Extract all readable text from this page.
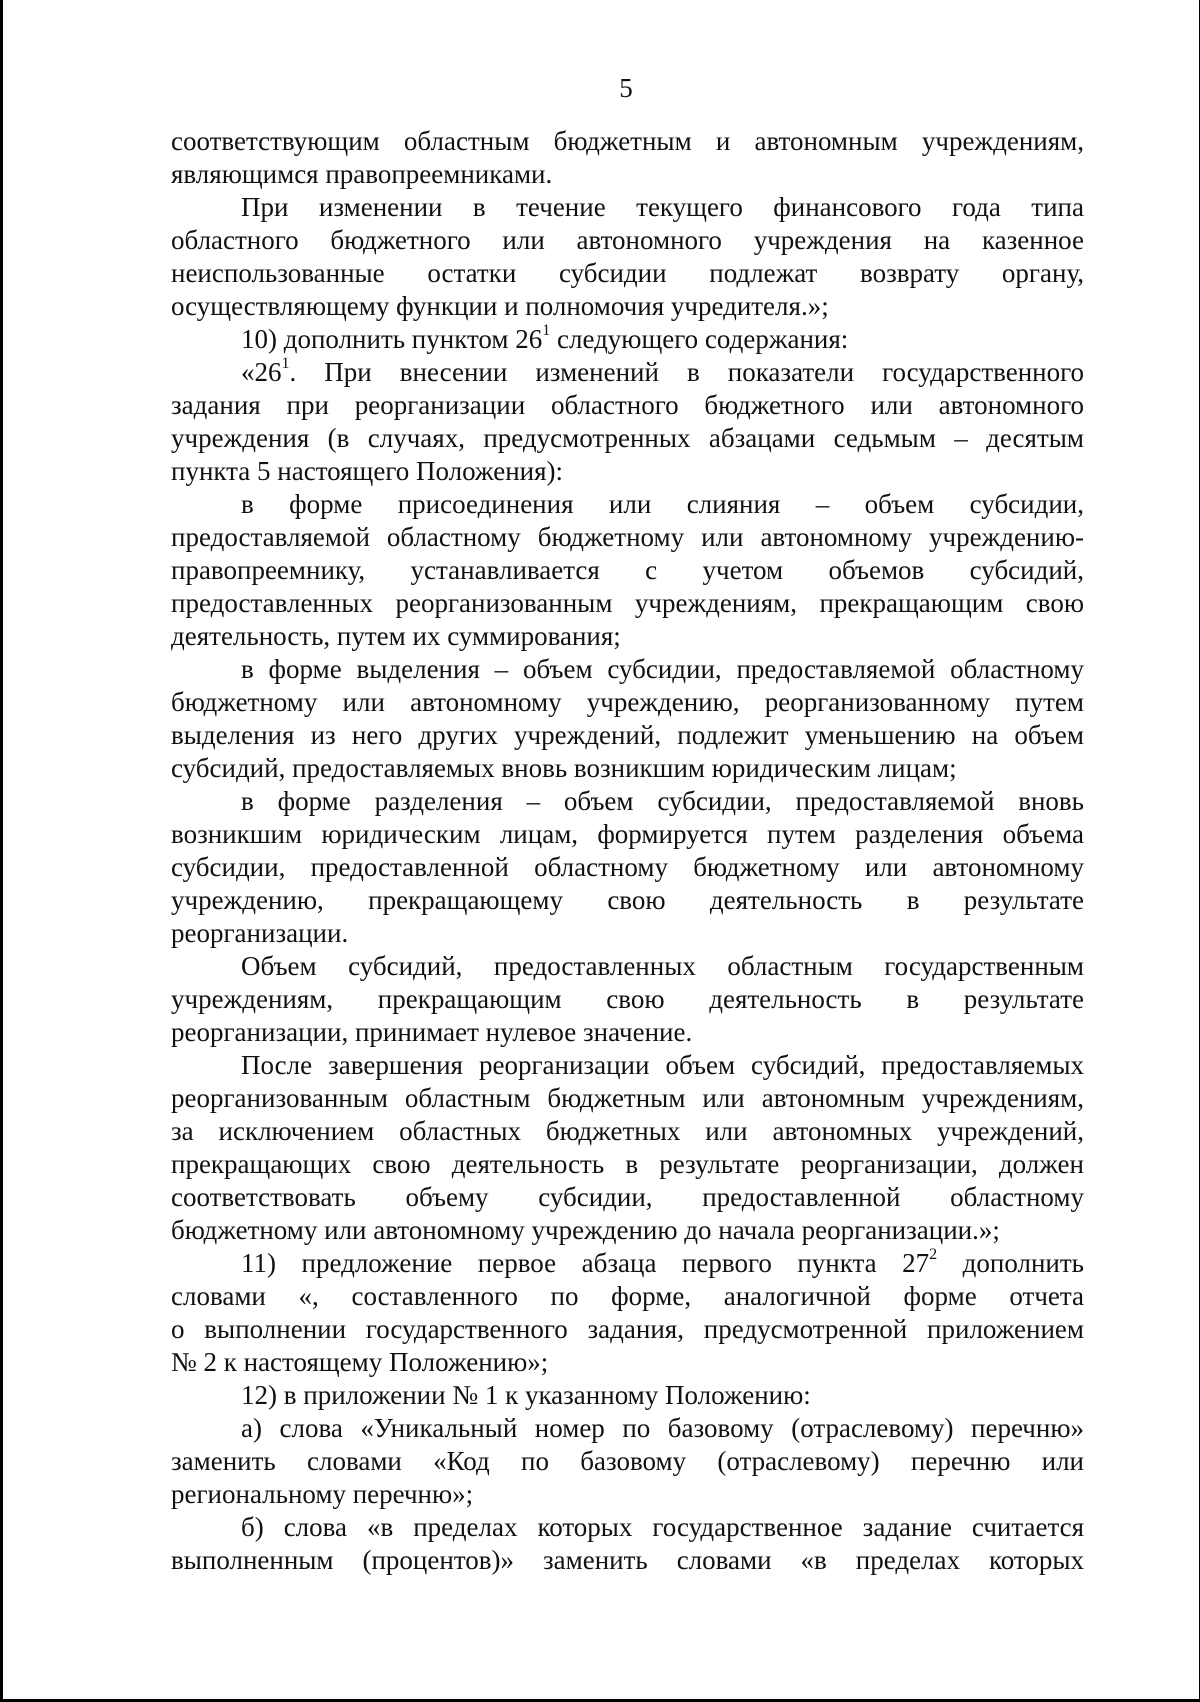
5
соответствующим областным бюджетным и автономным учреждениям,
являющимся правопреемниками.
При изменении в течение текущего финансового года типа
областного бюджетного или автономного учреждения на казенное
неиспользованные остатки субсидии подлежат возврату органу,
осуществляющему функции и полномочия учредителя.»;
10) дополнить пунктом $26^1$ следующего содержания:
«$26^1$. При внесении изменений в показатели государственного
задания при реорганизации областного бюджетного или автономного
учреждения (в случаях, предусмотренных абзацами седьмым – десятым
пункта 5 настоящего Положения):
в форме присоединения или слияния – объем субсидии,
предоставляемой областному бюджетному или автономному учреждению-
правопреемнику, устанавливается с учетом объемов субсидий,
предоставленных реорганизованным учреждениям, прекращающим свою
деятельность, путем их суммирования;
в форме выделения – объем субсидии, предоставляемой областному
бюджетному или автономному учреждению, реорганизованному путем
выделения из него других учреждений, подлежит уменьшению на объем
субсидий, предоставляемых вновь возникшим юридическим лицам;
в форме разделения – объем субсидии, предоставляемой вновь
возникшим юридическим лицам, формируется путем разделения объема
субсидии, предоставленной областному бюджетному или автономному
учреждению, прекращающему свою деятельность в результате
реорганизации.
Объем субсидий, предоставленных областным государственным
учреждениям, прекращающим свою деятельность в результате
реорганизации, принимает нулевое значение.
После завершения реорганизации объем субсидий, предоставляемых
реорганизованным областным бюджетным или автономным учреждениям,
за исключением областных бюджетных или автономных учреждений,
прекращающих свою деятельность в результате реорганизации, должен
соответствовать объему субсидии, предоставленной областному
бюджетному или автономному учреждению до начала реорганизации.»;
11) предложение первое абзаца первого пункта $27^2$ дополнить
словами «, составленного по форме, аналогичной форме отчета
о выполнении государственного задания, предусмотренной приложением
№ 2 к настоящему Положению»;
12) в приложении № 1 к указанному Положению:
а) слова «Уникальный номер по базовому (отраслевому) перечню»
заменить словами «Код по базовому (отраслевому) перечню или
региональному перечню»;
б) слова «в пределах которых государственное задание считается
выполненным (процентов)» заменить словами «в пределах которых
